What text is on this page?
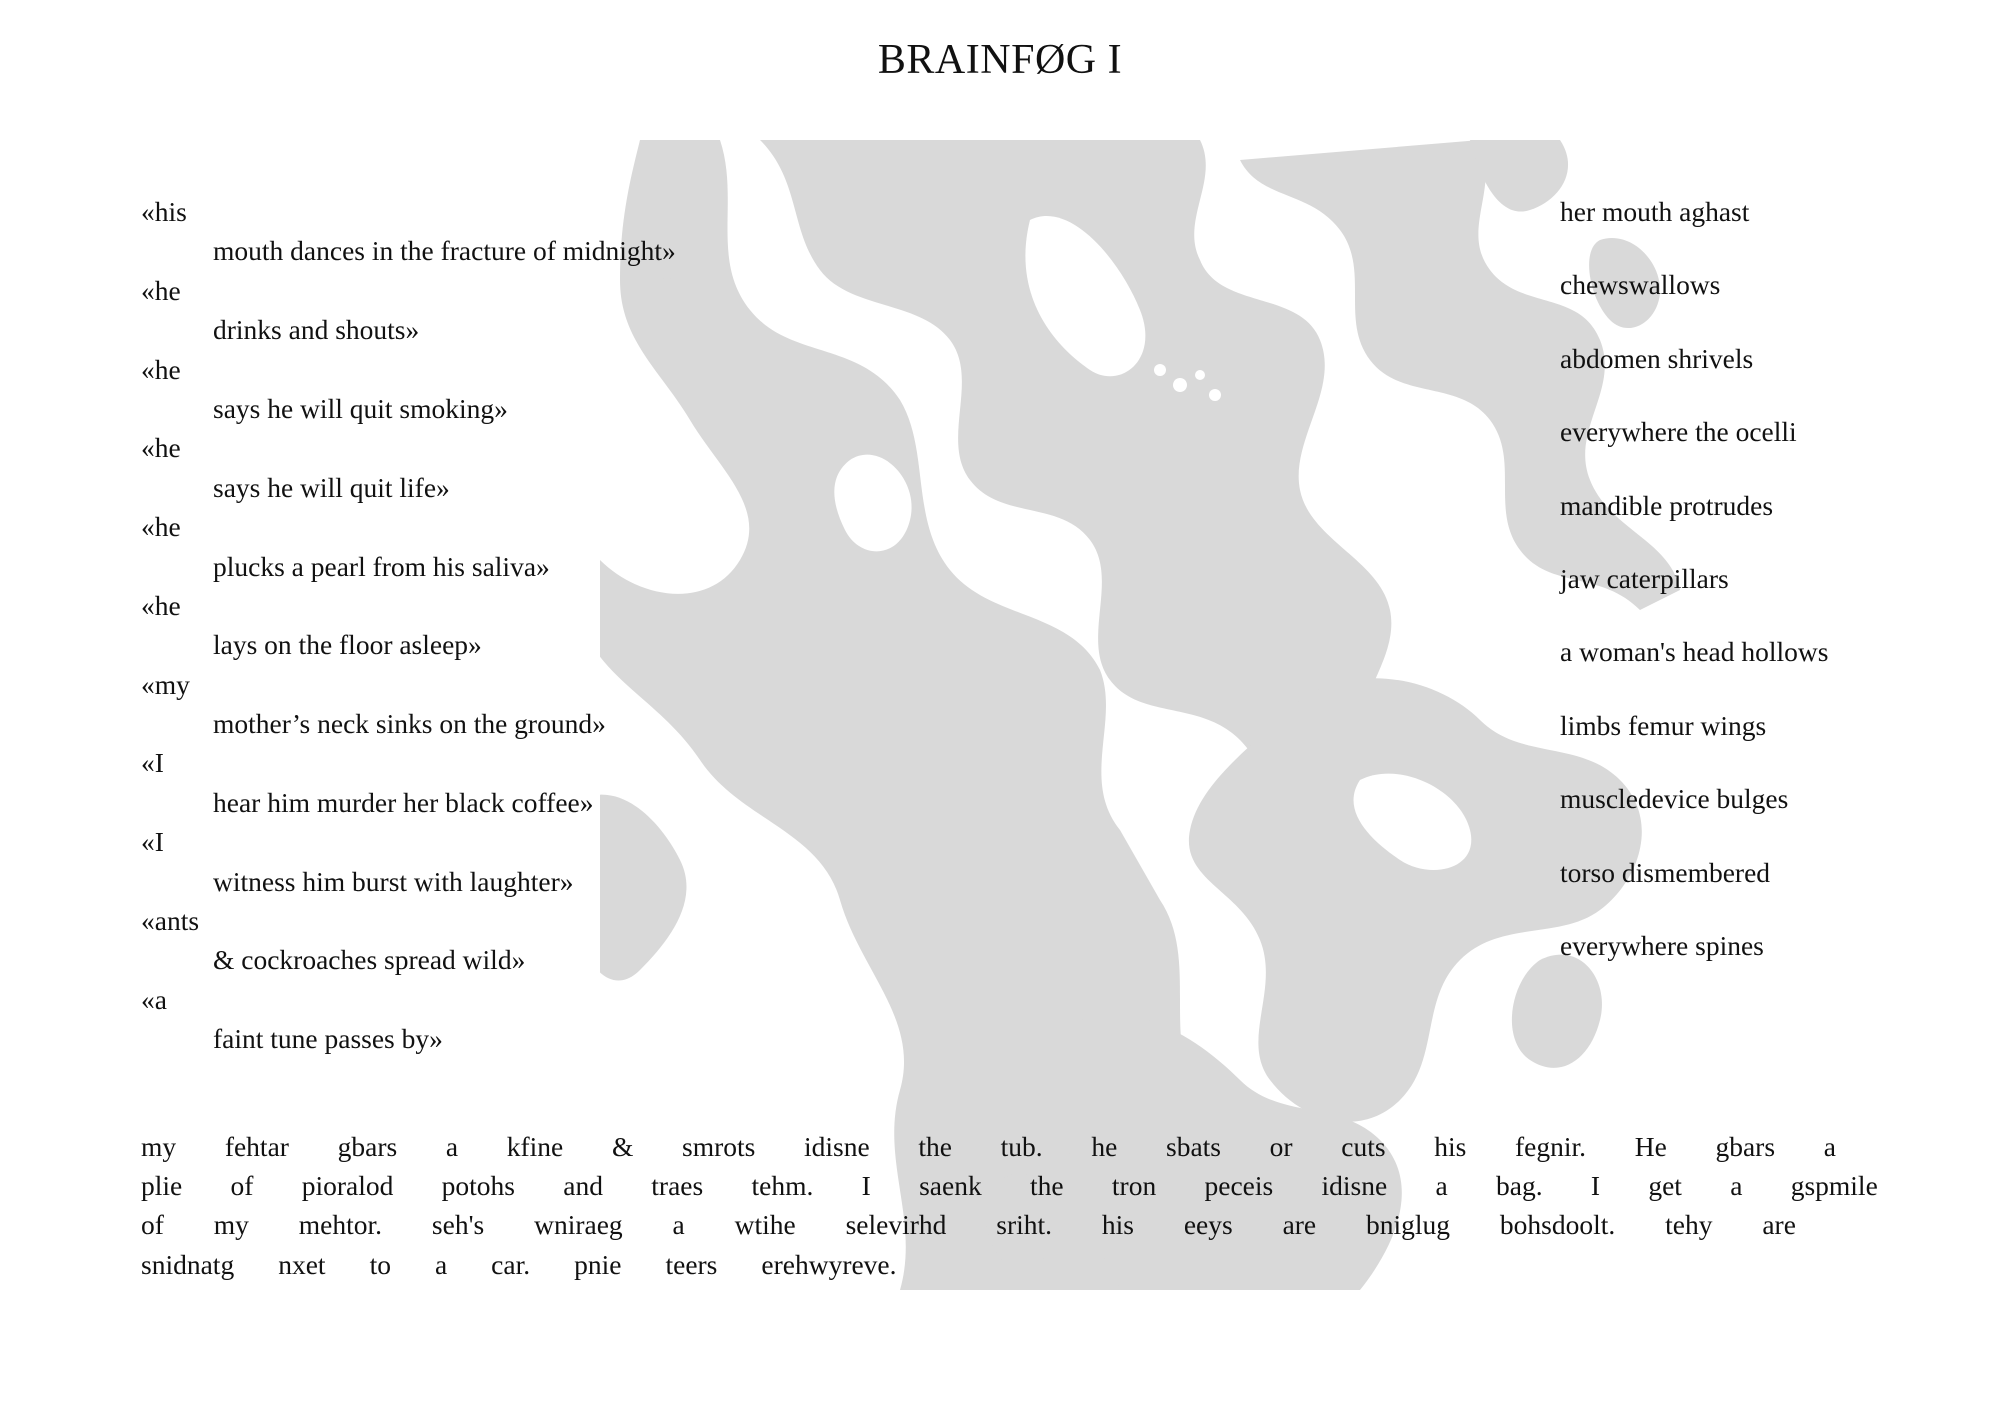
BRAINFØG I
«his
mouth dances in the fracture of midnight»
«he
drinks and shouts»
«he
says he will quit smoking»
«he
says he will quit life»
«he
plucks a pearl from his saliva»
«he
lays on the floor asleep»
«my
mother’s neck sinks on the ground»
«I
hear him murder her black coffee»
«I
witness him burst with laughter»
«ants
& cockroaches spread wild»
«a
faint tune passes by»
her mouth aghast
chewswallows
abdomen shrivels
everywhere the ocelli
mandible protrudes
jaw caterpillars
a woman's head hollows
limbs femur wings
muscledevice bulges
torso dismembered
everywhere spines
my fehtar gbars a kfine & smrots idisne the tub. he sbats or cuts his fegnir. He gbars a
plie of pioralod potohs and traes tehm. I saenk the tron peceis idisne a bag. I get a gspmile
of my mehtor. seh's wniraeg a wtihe selevirhd sriht. his eeys are bniglug bohsdoolt. tehy are
snidnatg nxet to a car. pnie teers erehwyreve.
